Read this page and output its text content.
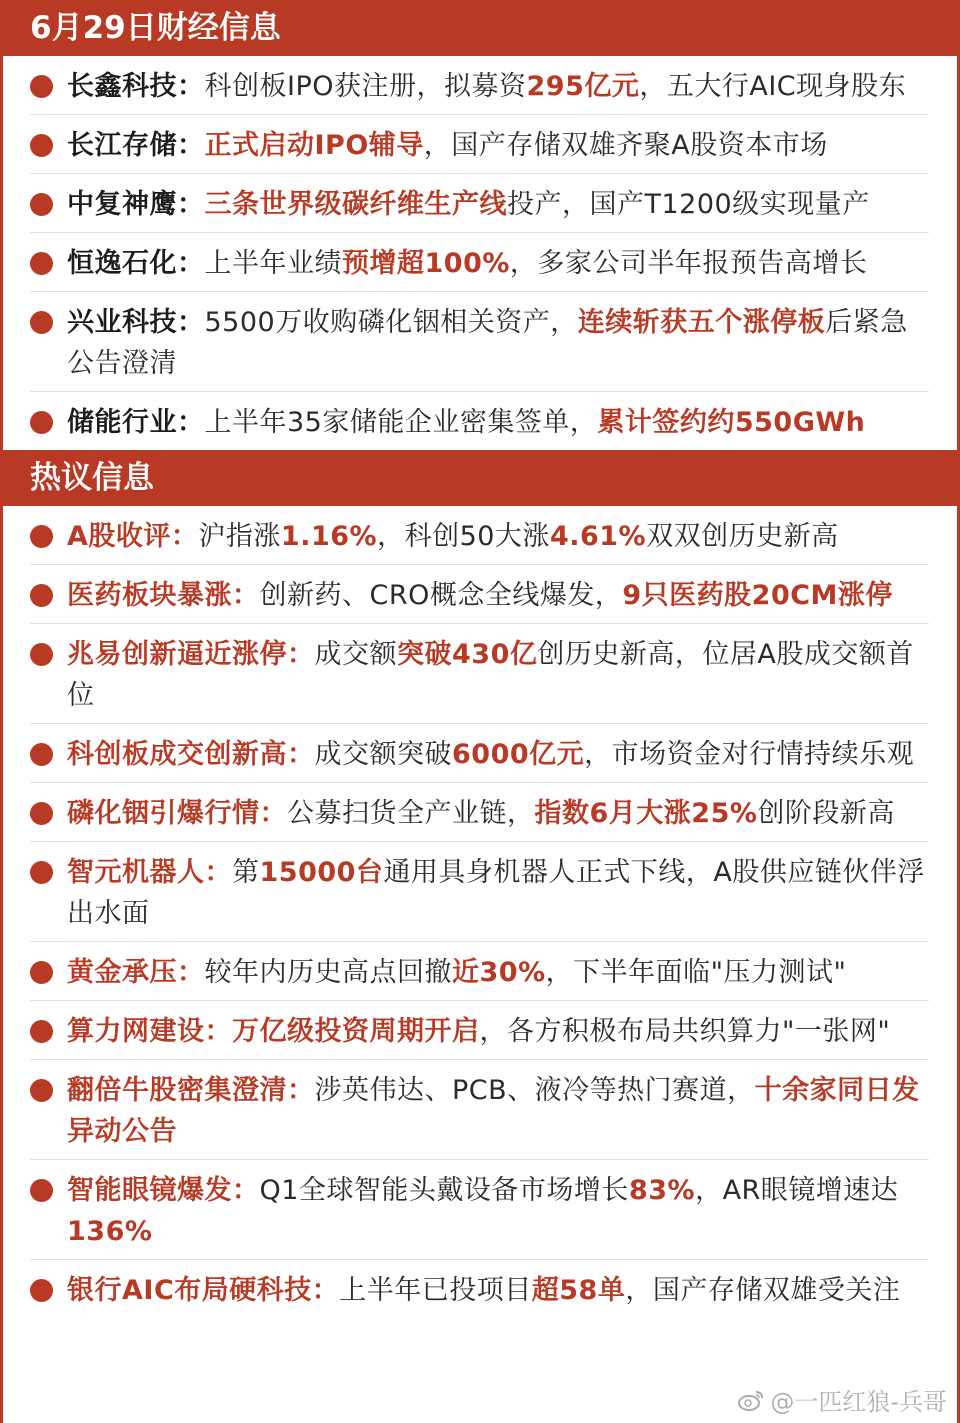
6月29日财经信息
长鑫科技：科创板IPO获注册，拟募资295亿元，五大行AIC现身股东
长江存储：正式启动IPO辅导，国产存储双雄齐聚A股资本市场
中复神鹰：三条世界级碳纤维生产线投产，国产T1200级实现量产
恒逸石化：上半年业绩预增超100%，多家公司半年报预告高增长
兴业科技：5500万收购磷化铟相关资产，连续斩获五个涨停板后紧急公告澄清
储能行业：上半年35家储能企业密集签单，累计签约约550GWh
热议信息
A股收评：沪指涨1.16%，科创50大涨4.61%双双创历史新高
医药板块暴涨：创新药、CRO概念全线爆发，9只医药股20CM涨停
兆易创新逼近涨停：成交额突破430亿创历史新高，位居A股成交额首位
科创板成交创新高：成交额突破6000亿元，市场资金对行情持续乐观
磷化铟引爆行情：公募扫货全产业链，指数6月大涨25%创阶段新高
智元机器人：第15000台通用具身机器人正式下线，A股供应链伙伴浮出水面
黄金承压：较年内历史高点回撤近30%，下半年面临"压力测试"
算力网建设：万亿级投资周期开启，各方积极布局共织算力"一张网"
翻倍牛股密集澄清：涉英伟达、PCB、液冷等热门赛道，十余家同日发异动公告
智能眼镜爆发：Q1全球智能头戴设备市场增长83%，AR眼镜增速达136%
银行AIC布局硬科技：上半年已投项目超58单，国产存储双雄受关注
@一匹红狼-兵哥
